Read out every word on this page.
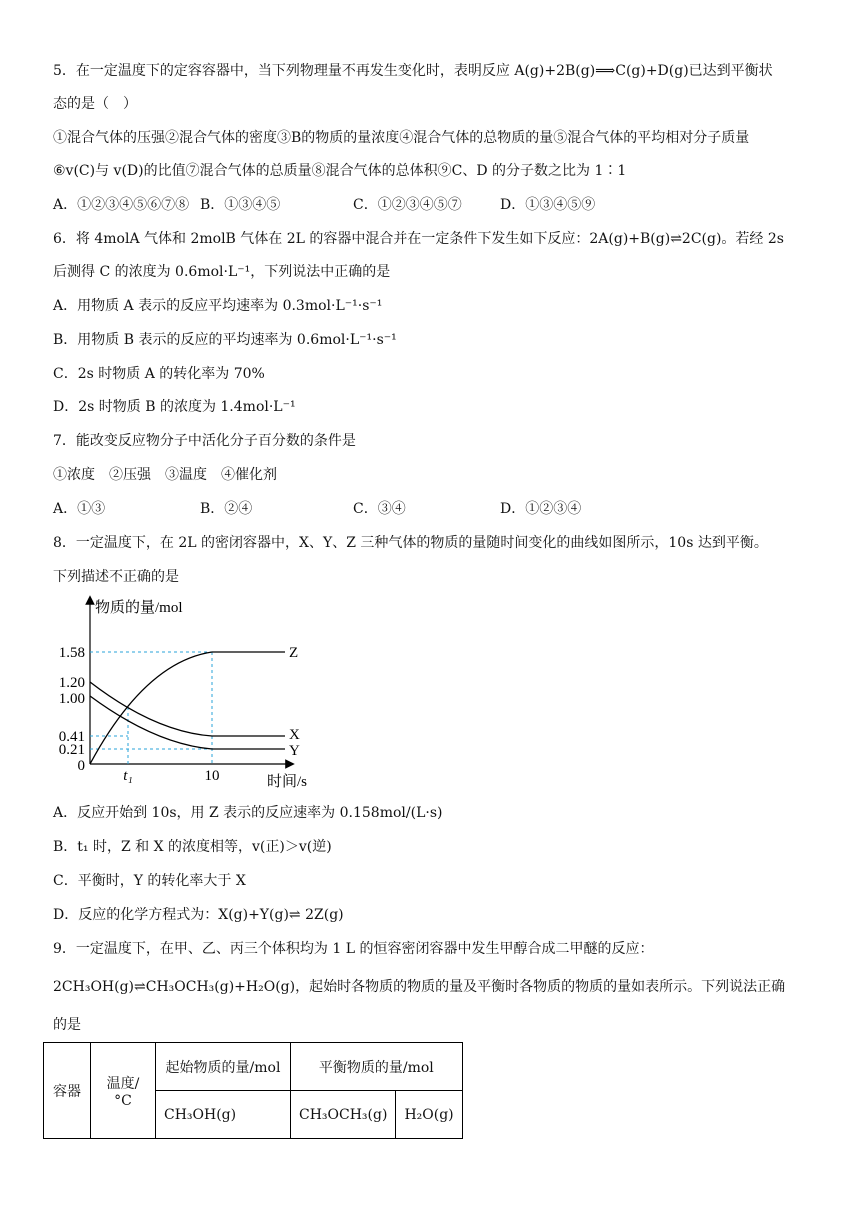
5．在一定温度下的定容容器中，当下列物理量不再发生变化时，表明反应 A(g)+2B(g)⟹C(g)+D(g)已达到平衡状
态的是（　）
①混合气体的压强②混合气体的密度③B的物质的量浓度④混合气体的总物质的量⑤混合气体的平均相对分子质量
⑥v(C)与 v(D)的比值⑦混合气体的总质量⑧混合气体的总体积⑨C、D 的分子数之比为 1∶1
A．①②③④⑤⑥⑦⑧ B．①③④⑤	C．①②③④⑤⑦	D．①③④⑤⑨
6．将 4molA 气体和 2molB 气体在 2L 的容器中混合并在一定条件下发生如下反应：2A(g)+B(g)⇌2C(g)。若经 2s
后测得 C 的浓度为 0.6mol·L⁻¹，下列说法中正确的是
A．用物质 A 表示的反应平均速率为 0.3mol·L⁻¹·s⁻¹
B．用物质 B 表示的反应的平均速率为 0.6mol·L⁻¹·s⁻¹
C．2s 时物质 A 的转化率为 70%
D．2s 时物质 B 的浓度为 1.4mol·L⁻¹
7．能改变反应物分子中活化分子百分数的条件是
①浓度　②压强　③温度　④催化剂
A．①③	B．②④	C．③④	D．①②③④
8．一定温度下，在 2L 的密闭容器中，X、Y、Z 三种气体的物质的量随时间变化的曲线如图所示，10s 达到平衡。
下列描述不正确的是
物质的量/mol
时间/s
1.58
1.20
1.00
0.41
0.21
0
t₁	10
Z
X
Y
A．反应开始到 10s，用 Z 表示的反应速率为 0.158mol/(L·s)
B．t₁ 时，Z 和 X 的浓度相等，v(正)＞v(逆)
C．平衡时，Y 的转化率大于 X
D．反应的化学方程式为：X(g)+Y(g)⇌ 2Z(g)
9．一定温度下，在甲、乙、丙三个体积均为 1 L 的恒容密闭容器中发生甲醇合成二甲醚的反应：
2CH₃OH(g)⇌CH₃OCH₃(g)+H₂O(g)，起始时各物质的物质的量及平衡时各物质的物质的量如表所示。下列说法正确
的是
容器	温度/°C	起始物质的量/mol	平衡物质的量/mol	
		CH₃OH(g)	CH₃OCH₃(g)	H₂O(g)
